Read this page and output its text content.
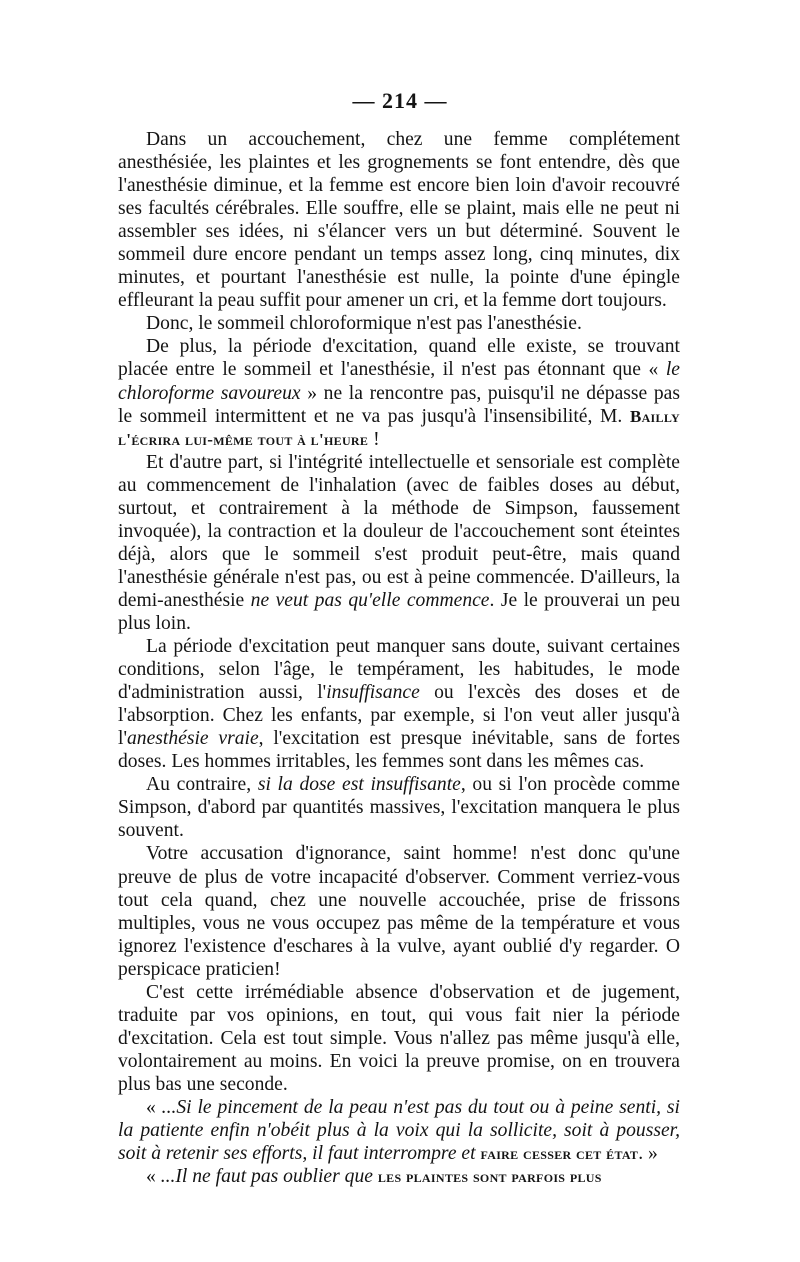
— 214 —

Dans un accouchement, chez une femme complétement anesthésiée, les plaintes et les grognements se font entendre, dès que l'anesthésie diminue, et la femme est encore bien loin d'avoir recouvré ses facultés cérébrales. Elle souffre, elle se plaint, mais elle ne peut ni assembler ses idées, ni s'élancer vers un but déterminé. Souvent le sommeil dure encore pendant un temps assez long, cinq minutes, dix minutes, et pourtant l'anesthésie est nulle, la pointe d'une épingle effleurant la peau suffit pour amener un cri, et la femme dort toujours.

Donc, le sommeil chloroformique n'est pas l'anesthésie.

De plus, la période d'excitation, quand elle existe, se trouvant placée entre le sommeil et l'anesthésie, il n'est pas étonnant que « le chloroforme savoureux » ne la rencontre pas, puisqu'il ne dépasse pas le sommeil intermittent et ne va pas jusqu'à l'insensibilité, M. Bailly l'écrira lui-même tout à l'heure !

Et d'autre part, si l'intégrité intellectuelle et sensoriale est complète au commencement de l'inhalation (avec de faibles doses au début, surtout, et contrairement à la méthode de Simpson, faussement invoquée), la contraction et la douleur de l'accouchement sont éteintes déjà, alors que le sommeil s'est produit peut-être, mais quand l'anesthésie générale n'est pas, ou est à peine commencée. D'ailleurs, la demi-anesthésie ne veut pas qu'elle commence. Je le prouverai un peu plus loin.

La période d'excitation peut manquer sans doute, suivant certaines conditions, selon l'âge, le tempérament, les habitudes, le mode d'administration aussi, l'insuffisance ou l'excès des doses et de l'absorption. Chez les enfants, par exemple, si l'on veut aller jusqu'à l'anesthésie vraie, l'excitation est presque inévitable, sans de fortes doses. Les hommes irritables, les femmes sont dans les mêmes cas.

Au contraire, si la dose est insuffisante, ou si l'on procède comme Simpson, d'abord par quantités massives, l'excitation manquera le plus souvent.

Votre accusation d'ignorance, saint homme! n'est donc qu'une preuve de plus de votre incapacité d'observer. Comment verriez-vous tout cela quand, chez une nouvelle accouchée, prise de frissons multiples, vous ne vous occupez pas même de la température et vous ignorez l'existence d'eschares à la vulve, ayant oublié d'y regarder. O perspicace praticien!

C'est cette irrémédiable absence d'observation et de jugement, traduite par vos opinions, en tout, qui vous fait nier la période d'excitation. Cela est tout simple. Vous n'allez pas même jusqu'à elle, volontairement au moins. En voici la preuve promise, on en trouvera plus bas une seconde.

« ...Si le pincement de la peau n'est pas du tout ou à peine senti, si la patiente enfin n'obéit plus à la voix qui la sollicite, soit à pousser, soit à retenir ses efforts, il faut interrompre et faire cesser cet état. »

« ...Il ne faut pas oublier que les plaintes sont parfois plus
